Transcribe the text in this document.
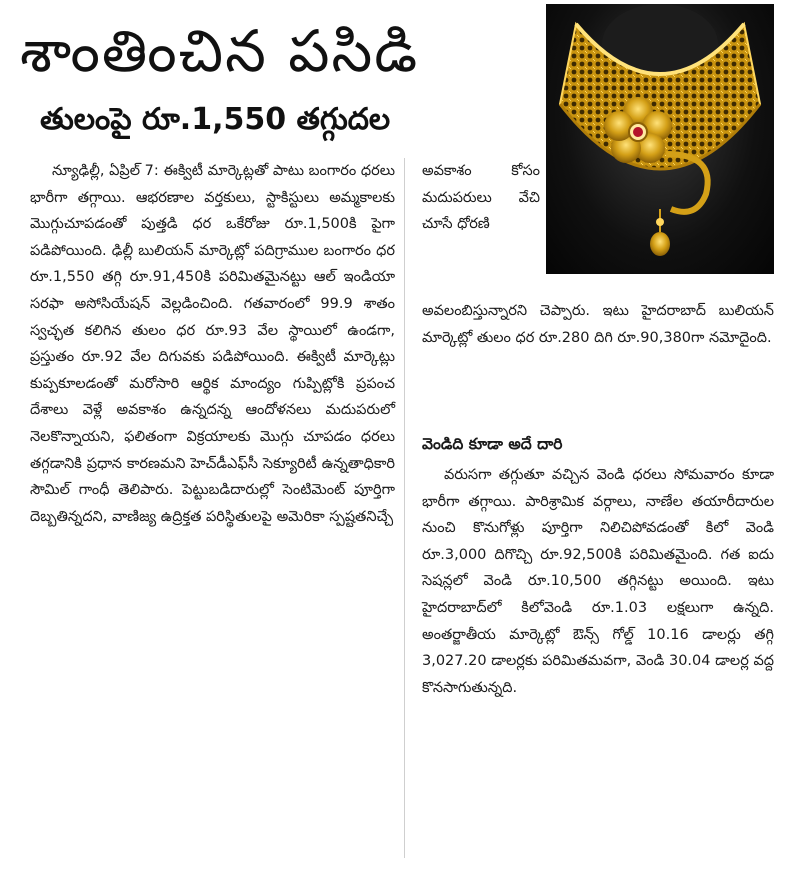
శాంతించిన పసిడి
తులంపై రూ.1,550 తగ్గుదల

న్యూఢిల్లీ, ఏప్రిల్ 7: ఈక్విటీ మార్కెట్లతో పాటు బంగారం ధరలు భారీగా తగ్గాయి. ఆభరణాల వర్తకులు, స్టాకిస్టులు అమ్మకాలకు మొగ్గుచూపడంతో పుత్తడి ధర ఒకేరోజు రూ.1,500కి పైగా పడిపోయింది. ఢిల్లీ బులియన్ మార్కెట్లో పదిగ్రాముల బంగారం ధర రూ.1,550 తగ్గి రూ.91,450కి పరిమితమైనట్టు ఆల్ ఇండియా సరఫా అసోసియేషన్ వెల్లడించింది. గతవారంలో 99.9 శాతం స్వచ్ఛత కలిగిన తులం ధర రూ.93 వేల స్థాయిలో ఉండగా, ప్రస్తుతం రూ.92 వేల దిగువకు పడిపోయింది. ఈక్విటీ మార్కెట్లు కుప్పకూలడంతో మరోసారి ఆర్థిక మాంద్యం గుప్పిట్లోకి ప్రపంచ దేశాలు వెళ్లే అవకాశం ఉన్నదన్న ఆందోళనలు మదుపరులో నెలకొన్నాయని, ఫలితంగా విక్రయాలకు మొగ్గు చూపడం ధరలు తగ్గడానికి ప్రధాన కారణమని హెచ్‌డీఎఫ్‌సీ సెక్యూరిటీ ఉన్నతాధికారి సౌమిల్ గాంధీ తెలిపారు. పెట్టుబడిదారుల్లో సెంటిమెంట్ పూర్తిగా దెబ్బతిన్నదని, వాణిజ్య ఉద్రిక్తత పరిస్థితులపై అమెరికా స్పష్టతనిచ్చే

అవకాశం కోసం మదుపరులు వేచి చూసే ధోరణి

అవలంబిస్తున్నారని చెప్పారు. ఇటు హైదరాబాద్ బులియన్ మార్కెట్లో తులం ధర రూ.280 దిగి రూ.90,380గా నమోదైంది.

వెండిది కూడా అదే దారి

వరుసగా తగ్గుతూ వచ్చిన వెండి ధరలు సోమవారం కూడా భారీగా తగ్గాయి. పారిశ్రామిక వర్గాలు, నాణేల తయారీదారుల నుంచి కొనుగోళ్లు పూర్తిగా నిలిచిపోవడంతో కిలో వెండి రూ.3,000 దిగొచ్చి రూ.92,500కి పరిమితమైంది. గత ఐదు సెషన్లలో వెండి రూ.10,500 తగ్గినట్టు అయింది. ఇటు హైదరాబాద్‌లో కిలోవెండి రూ.1.03 లక్షలుగా ఉన్నది. అంతర్జాతీయ మార్కెట్లో ఔన్స్ గోల్డ్ 10.16 డాలర్లు తగ్గి 3,027.20 డాలర్లకు పరిమితమవగా, వెండి 30.04 డాలర్ల వద్ద కొనసాగుతున్నది.
